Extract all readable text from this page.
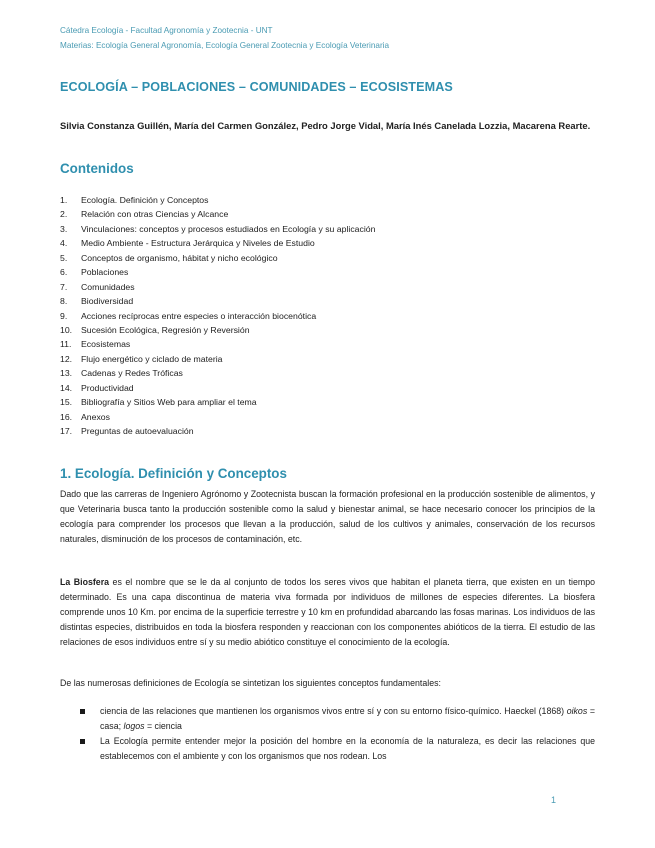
Cátedra Ecología - Facultad Agronomía y Zootecnia - UNT
Materias: Ecología General Agronomía, Ecología General Zootecnia y Ecología Veterinaria
ECOLOGÍA – POBLACIONES – COMUNIDADES – ECOSISTEMAS
Silvia Constanza Guillén, María del Carmen González, Pedro Jorge Vidal, María Inés Canelada Lozzia, Macarena Rearte.
Contenidos
1. Ecología. Definición y Conceptos
2. Relación con otras Ciencias y Alcance
3. Vinculaciones: conceptos y procesos estudiados en Ecología y su aplicación
4. Medio Ambiente - Estructura Jerárquica y Niveles de Estudio
5. Conceptos de organismo, hábitat y nicho ecológico
6. Poblaciones
7. Comunidades
8. Biodiversidad
9. Acciones recíprocas entre especies o interacción biocenótica
10. Sucesión Ecológica, Regresión y Reversión
11. Ecosistemas
12. Flujo energético y ciclado de materia
13. Cadenas y Redes Tróficas
14. Productividad
15. Bibliografía y Sitios Web para ampliar el tema
16. Anexos
17. Preguntas de autoevaluación
1. Ecología. Definición y Conceptos
Dado que las carreras de Ingeniero Agrónomo y Zootecnista buscan la formación profesional en la producción sostenible de alimentos, y que Veterinaria busca tanto la producción sostenible como la salud y bienestar animal, se hace necesario conocer los principios de la ecología para comprender los procesos que llevan a la producción, salud de los cultivos y animales, conservación de los recursos naturales, disminución de los procesos de contaminación, etc.
La Biosfera es el nombre que se le da al conjunto de todos los seres vivos que habitan el planeta tierra, que existen en un tiempo determinado. Es una capa discontinua de materia viva formada por individuos de millones de especies diferentes. La biosfera comprende unos 10 Km. por encima de la superficie terrestre y 10 km en profundidad abarcando las fosas marinas. Los individuos de las distintas especies, distribuidos en toda la biosfera responden y reaccionan con los componentes abióticos de la tierra. El estudio de las relaciones de esos individuos entre sí y su medio abiótico constituye el conocimiento de la ecología.
De las numerosas definiciones de Ecología se sintetizan los siguientes conceptos fundamentales:
ciencia de las relaciones que mantienen los organismos vivos entre sí y con su entorno físico-químico. Haeckel (1868) oikos = casa; logos = ciencia
La Ecología permite entender mejor la posición del hombre en la economía de la naturaleza, es decir las relaciones que establecemos con el ambiente y con los organismos que nos rodean. Los
1
